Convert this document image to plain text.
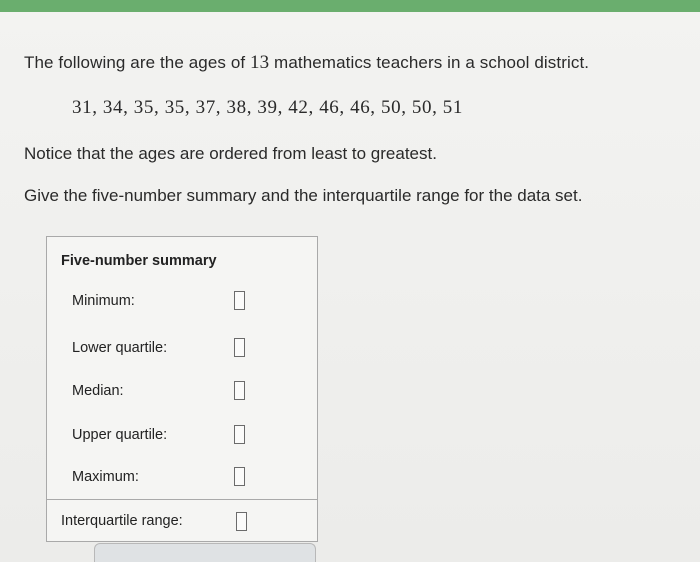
The following are the ages of 13 mathematics teachers in a school district.
31, 34, 35, 35, 37, 38, 39, 42, 46, 46, 50, 50, 51
Notice that the ages are ordered from least to greatest.
Give the five-number summary and the interquartile range for the data set.
Five-number summary
Minimum:
Lower quartile:
Median:
Upper quartile:
Maximum:
Interquartile range:
